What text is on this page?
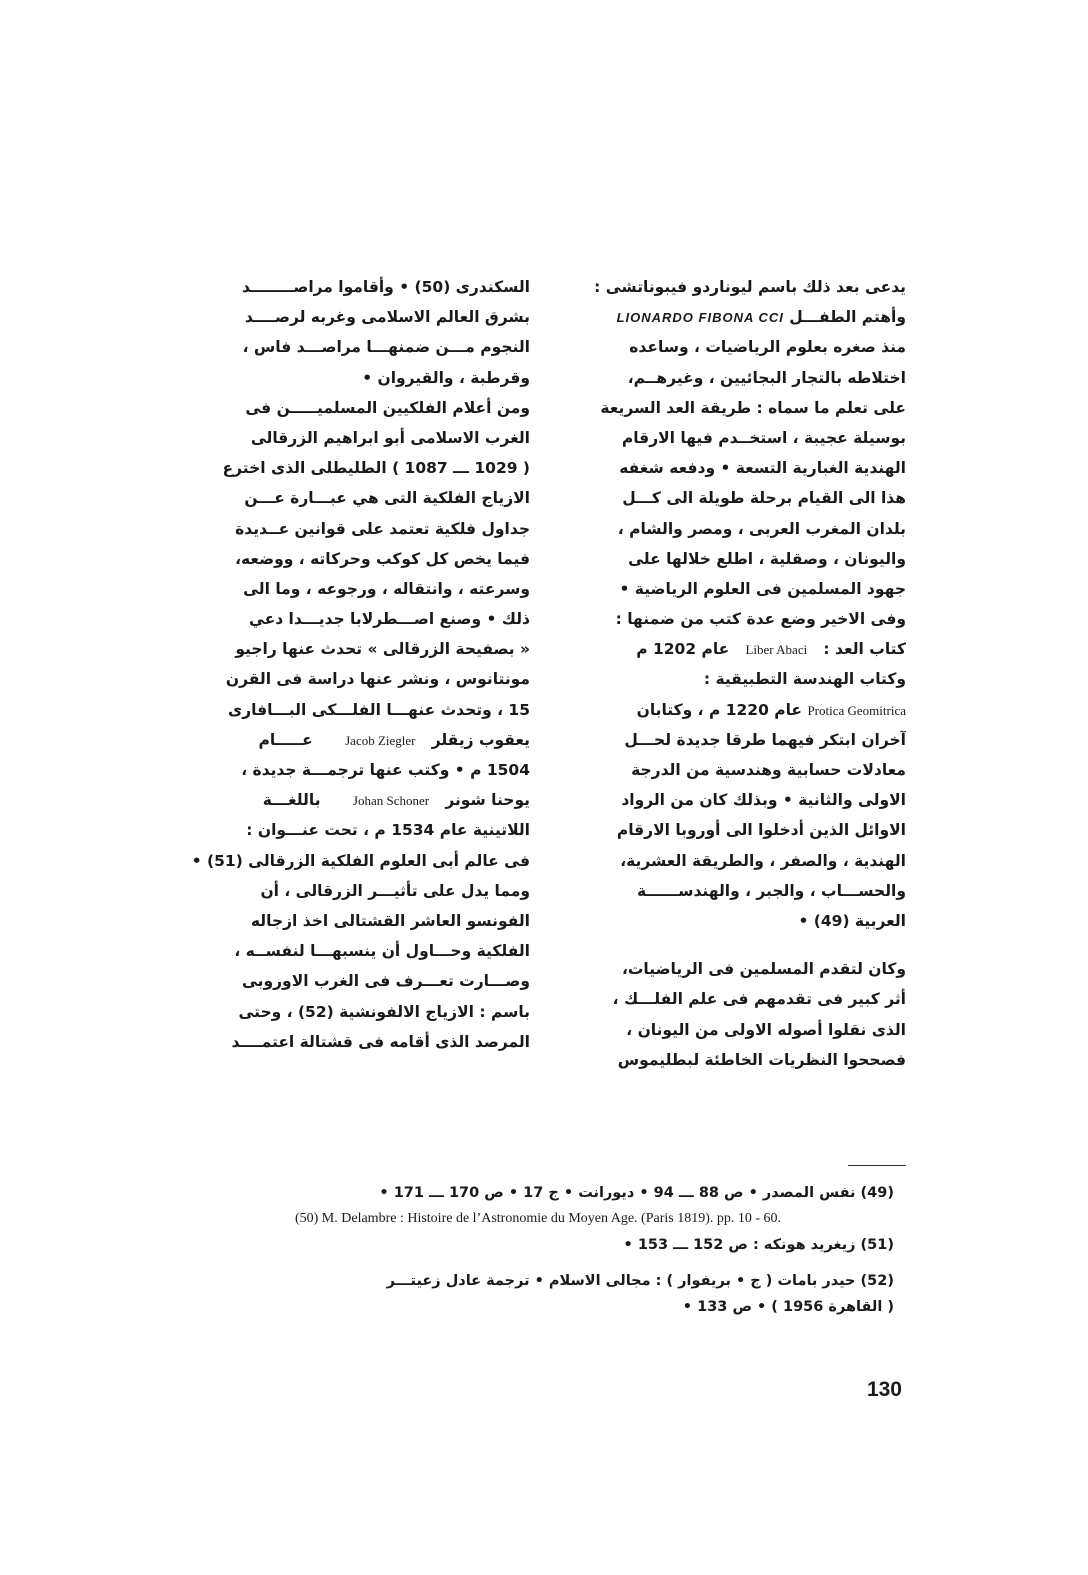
يدعى بعد ذلك باسم ليوناردو فيبوناتشى :
وأهتم الطفـــل LIONARDO FIBONA CCI
منذ صغره بعلوم الرياضيات ، وساعده
اختلاطه بالتجار البجائيين ، وغيرهــم،
على تعلم ما سماه : طريقة العد السريعة
بوسيلة عجيبة ، استخــدم فيها الارقام
الهندية الغبارية التسعة • ودفعه شغفه
هذا الى القيام برحلة طويلة الى كـــل
بلدان المغرب العربى ، ومصر والشام ،
واليونان ، وصقلية ، اطلع خلالها على
جهود المسلمين فى العلوم الرياضية •
وفى الاخير وضع عدة كتب من ضمنها :
كتاب العد :   Liber Abaci   عام 1202 م
وكتاب الهندسة التطبيقية :
Protica Geomitrica عام 1220 م ، وكتابان
آخران ابتكر فيهما طرقا جديدة لحـــل
معادلات حسابية وهندسية من الدرجة
الاولى والثانية • وبذلك كان من الرواد
الاوائل الذين أدخلوا الى أوروبا الارقام
الهندية ، والصفر ، والطريقة العشرية،
والحســـاب ، والجبر ، والهندســــــة
العربية (49) •
وكان لتقدم المسلمين فى الرياضيات،
أثر كبير فى تقدمهم فى علم الفلـــك ،
الذى نقلوا أصوله الاولى من اليونان ،
فصححوا النظريات الخاطئة لبطليموس
السكندرى (50) • وأقاموا مراصــــــــد
بشرق العالم الاسلامى وغربه لرصــــد
النجوم مـــن ضمنهـــا مراصـــد فاس ،
وقرطبة ، والقيروان •
ومن أعلام الفلكيين المسلميـــــن فى
الغرب الاسلامى أبو ابراهيم الزرقالى
( 1029 ـــ 1087 ) الطليطلى الذى اخترع
الازياج الفلكية التى هي عبـــارة عـــن
جداول فلكية تعتمد على قوانين عــديدة
فيما يخص كل كوكب وحركاته ، ووضعه،
وسرعته ، وانتقاله ، ورجوعه ، وما الى
ذلك • وصنع اصـــطرلابا جديـــدا دعي
« بصفيحة الزرقالى » تحدث عنها راجيو
مونتانوس ، ونشر عنها دراسة فى القرن
15 ، وتحدث عنهـــا الفلـــكى البـــافارى
يعقوب زيقلر   Jacob Ziegler      عـــــام
1504 م • وكتب عنها ترجمـــة جديدة ،
يوحنا شونر   Johan Schoner      باللغـــة
اللاتينية عام 1534 م ، تحت عنـــوان :
فى عالم أبى العلوم الفلكية الزرقالى (51) •
ومما يدل على تأثيـــر الزرقالى ، أن
الفونسو العاشر القشتالى اخذ ازجاله
الفلكية وحـــاول أن ينسبهـــا لنفســه ،
وصـــارت تعـــرف فى الغرب الاوروبى
باسم : الازياج الالفونشية (52) ، وحتى
المرصد الذى أقامه فى قشتالة اعتمــــد
(49) نفس المصدر • ص 88 ـــ 94 • ديورانت • ج 17 • ص 170 ـــ 171 •
(50) M. Delambre : Histoire de l’Astronomie du Moyen Age. (Paris 1819). pp. 10 - 60.
(51) زيغريد هونكه : ص 152 ـــ 153 •
(52) حيدر بامات ( ج • بريفوار ) : مجالى الاسلام • ترجمة عادل زعيتـــر
( القاهرة 1956 ) • ص 133 •
130
